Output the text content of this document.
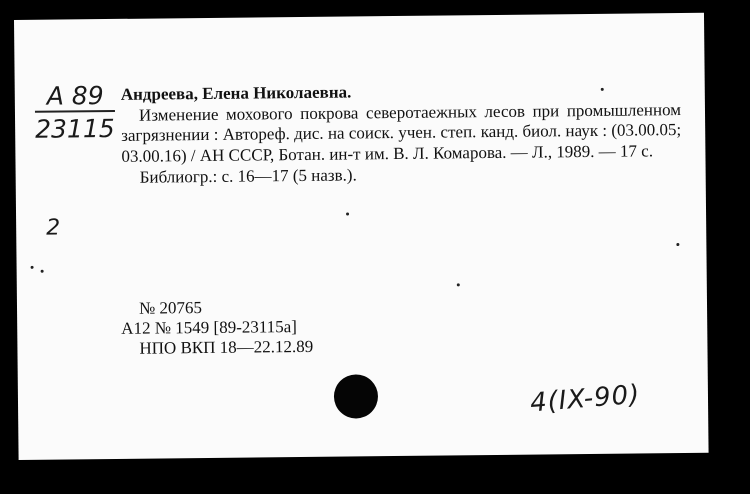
А 89
23115
2
Андреева, Елена Николаевна.
Изменение мохового покрова северотаежных лесов при промышленном загрязнении : Автореф. дис. на соиск. учен. степ. канд. биол. наук : (03.00.05; 03.00.16) / АН СССР, Ботан. ин-т им. В. Л. Комарова. — Л., 1989. — 17 с.
Библиогр.: с. 16—17 (5 назв.).
№ 20765
А12 № 1549 [89-23115а]
НПО ВКП 18—22.12.89
4(IX-90)
